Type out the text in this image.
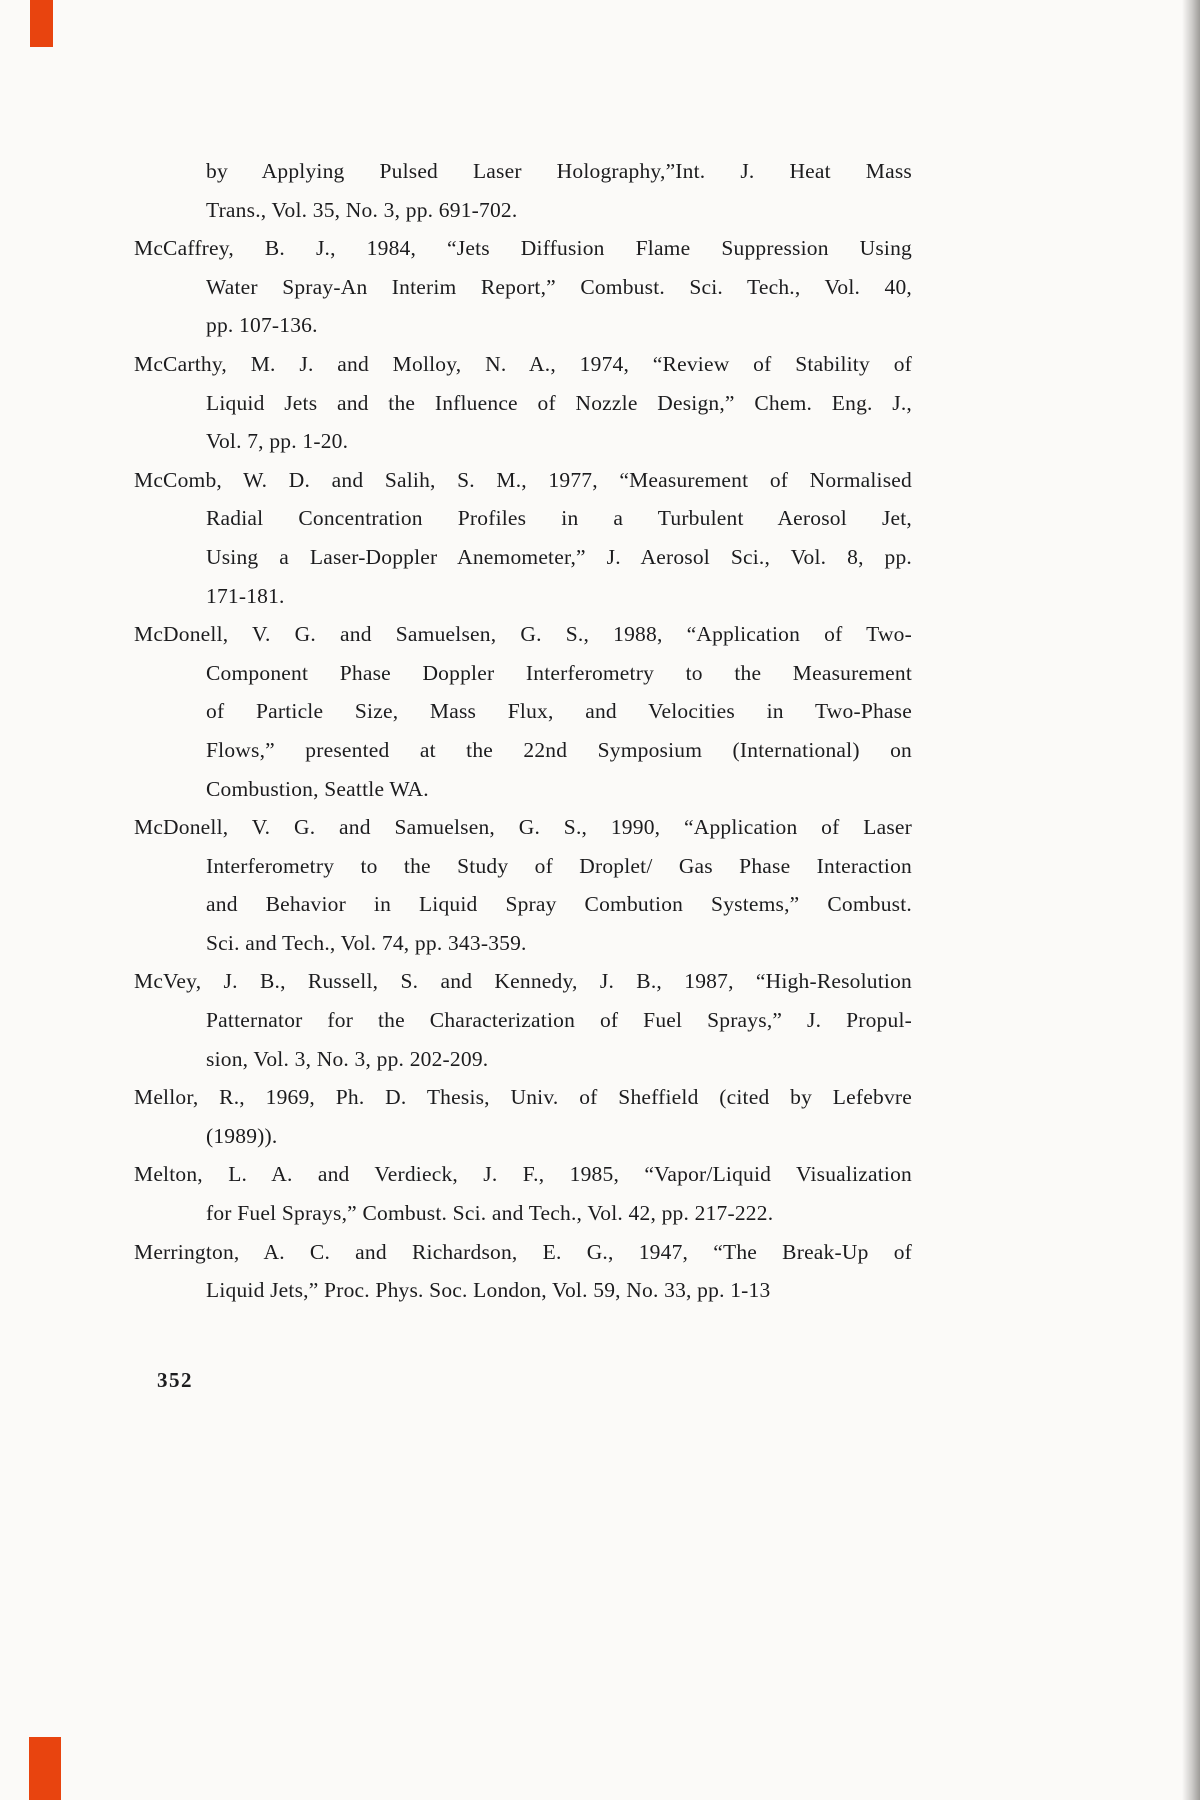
by Applying Pulsed Laser Holography,”Int. J. Heat Mass
Trans., Vol. 35, No. 3, pp. 691-702.
McCaffrey, B. J., 1984, “Jets Diffusion Flame Suppression Using
Water Spray-An Interim Report,” Combust. Sci. Tech., Vol. 40,
pp. 107-136.
McCarthy, M. J. and Molloy, N. A., 1974, “Review of Stability of
Liquid Jets and the Influence of Nozzle Design,” Chem. Eng. J.,
Vol. 7, pp. 1-20.
McComb, W. D. and Salih, S. M., 1977, “Measurement of Normalised
Radial Concentration Profiles in a Turbulent Aerosol Jet,
Using a Laser-Doppler Anemometer,” J. Aerosol Sci., Vol. 8, pp.
171-181.
McDonell, V. G. and Samuelsen, G. S., 1988, “Application of Two-
Component Phase Doppler Interferometry to the Measurement
of Particle Size, Mass Flux, and Velocities in Two-Phase
Flows,” presented at the 22nd Symposium (International) on
Combustion, Seattle WA.
McDonell, V. G. and Samuelsen, G. S., 1990, “Application of Laser
Interferometry to the Study of Droplet/ Gas Phase Interaction
and Behavior in Liquid Spray Combution Systems,” Combust.
Sci. and Tech., Vol. 74, pp. 343-359.
McVey, J. B., Russell, S. and Kennedy, J. B., 1987, “High-Resolution
Patternator for the Characterization of Fuel Sprays,” J. Propul-
sion, Vol. 3, No. 3, pp. 202-209.
Mellor, R., 1969, Ph. D. Thesis, Univ. of Sheffield (cited by Lefebvre
(1989)).
Melton, L. A. and Verdieck, J. F., 1985, “Vapor/Liquid Visualization
for Fuel Sprays,” Combust. Sci. and Tech., Vol. 42, pp. 217-222.
Merrington, A. C. and Richardson, E. G., 1947, “The Break-Up of
Liquid Jets,” Proc. Phys. Soc. London, Vol. 59, No. 33, pp. 1-13
352
